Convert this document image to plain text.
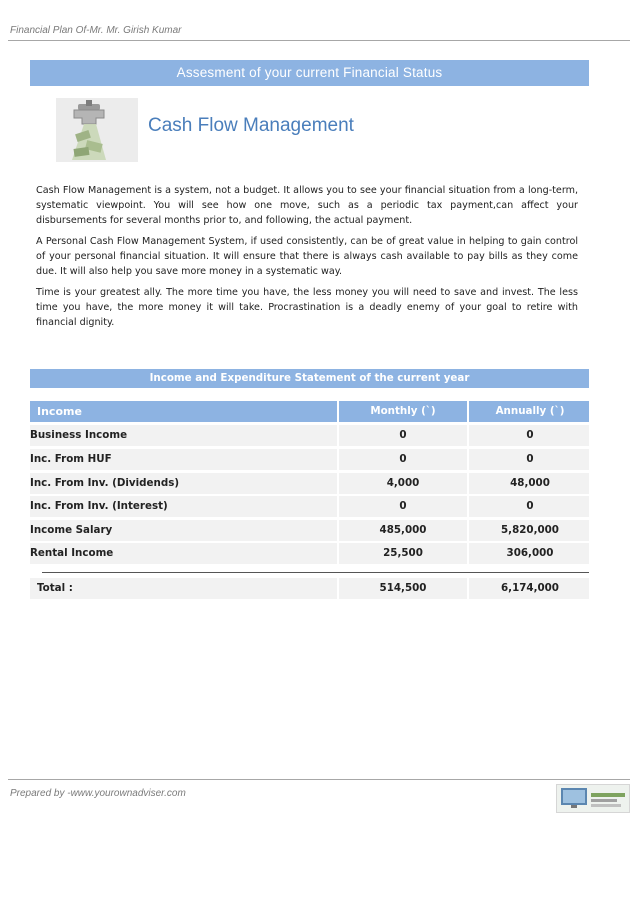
Financial Plan Of-Mr. Mr. Girish Kumar
Assesment of your current Financial Status
Cash Flow Management

Cash Flow Management is a system, not a budget. It allows you to see your financial situation from a long-term, systematic viewpoint. You will see how one move, such as a periodic tax payment,can affect your disbursements for several months prior to, and following, the actual payment.

A Personal Cash Flow Management System, if used consistently, can be of great value in helping to gain control of your personal financial situation. It will ensure that there is always cash available to pay bills as they come due. It will also help you save more money in a systematic way.

Time is your greatest ally. The more time you have, the less money you will need to save and invest. The less time you have, the more money it will take. Procrastination is a deadly enemy of your goal to retire with financial dignity.

Income and Expenditure Statement of the current year
Income	Monthly (`)	Annually (`)
Business Income	0	0
Inc. From HUF	0	0
Inc. From Inv. (Dividends)	4,000	48,000
Inc. From Inv. (Interest)	0	0
Income Salary	485,000	5,820,000
Rental Income	25,500	306,000
Total :	514,500	6,174,000
Prepared by -www.yourownadviser.com
